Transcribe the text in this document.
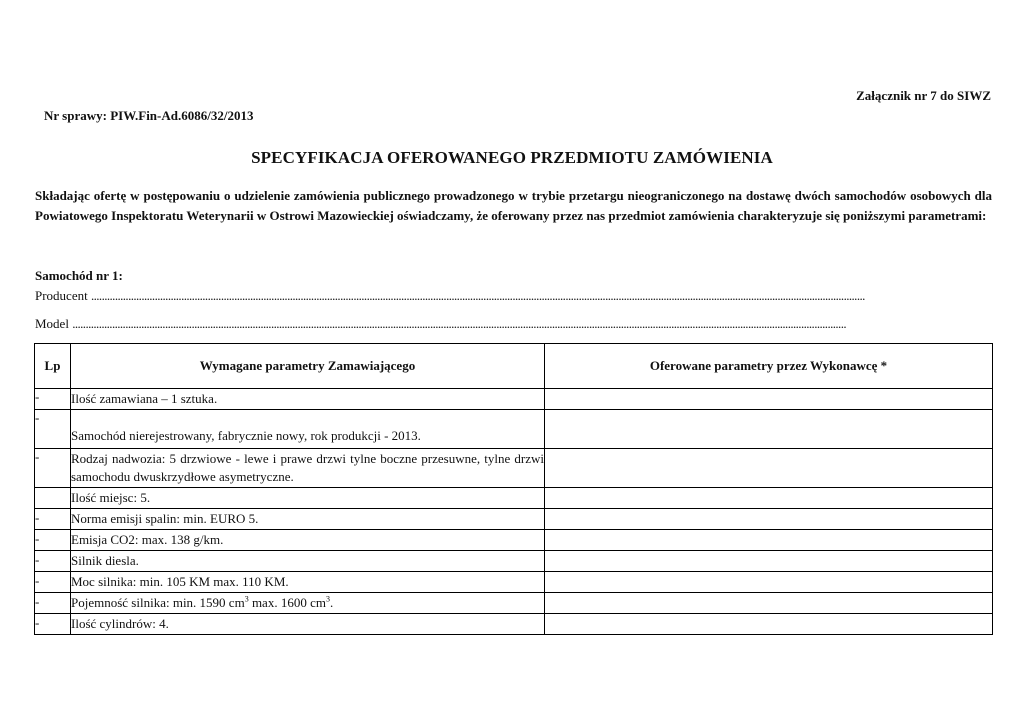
Załącznik nr 7 do SIWZ
Nr sprawy: PIW.Fin-Ad.6086/32/2013
SPECYFIKACJA OFEROWANEGO PRZEDMIOTU ZAMÓWIENIA
Składając ofertę w postępowaniu o udzielenie zamówienia publicznego prowadzonego w trybie przetargu nieograniczonego na dostawę dwóch samochodów osobowych dla Powiatowego Inspektoratu Weterynarii w Ostrowi Mazowieckiej oświadczamy, że oferowany przez nas przedmiot zamówienia charakteryzuje się poniższymi parametrami:
Samochód nr 1:
Producent ....................................................................................................................................................................................................................................................................................................
Model ....................................................................................................................................................................................................................................................................................................
Lp	Wymagane parametry Zamawiającego	Oferowane parametry przez Wykonawcę *
-	Ilość zamawiana – 1 sztuka.	
-	Samochód nierejestrowany, fabrycznie nowy, rok produkcji - 2013.	
-	Rodzaj nadwozia: 5 drzwiowe - lewe i prawe drzwi tylne boczne przesuwne, tylne drzwi samochodu dwuskrzydłowe asymetryczne.	
	Ilość miejsc: 5.	
-	Norma emisji spalin: min. EURO 5.	
-	Emisja CO2: max. 138 g/km.	
-	Silnik diesla.	
-	Moc silnika: min. 105 KM max. 110 KM.	
-	Pojemność silnika: min. 1590 $cm^3$ max. 1600 $cm^3$.	
-	Ilość cylindrów: 4.	
